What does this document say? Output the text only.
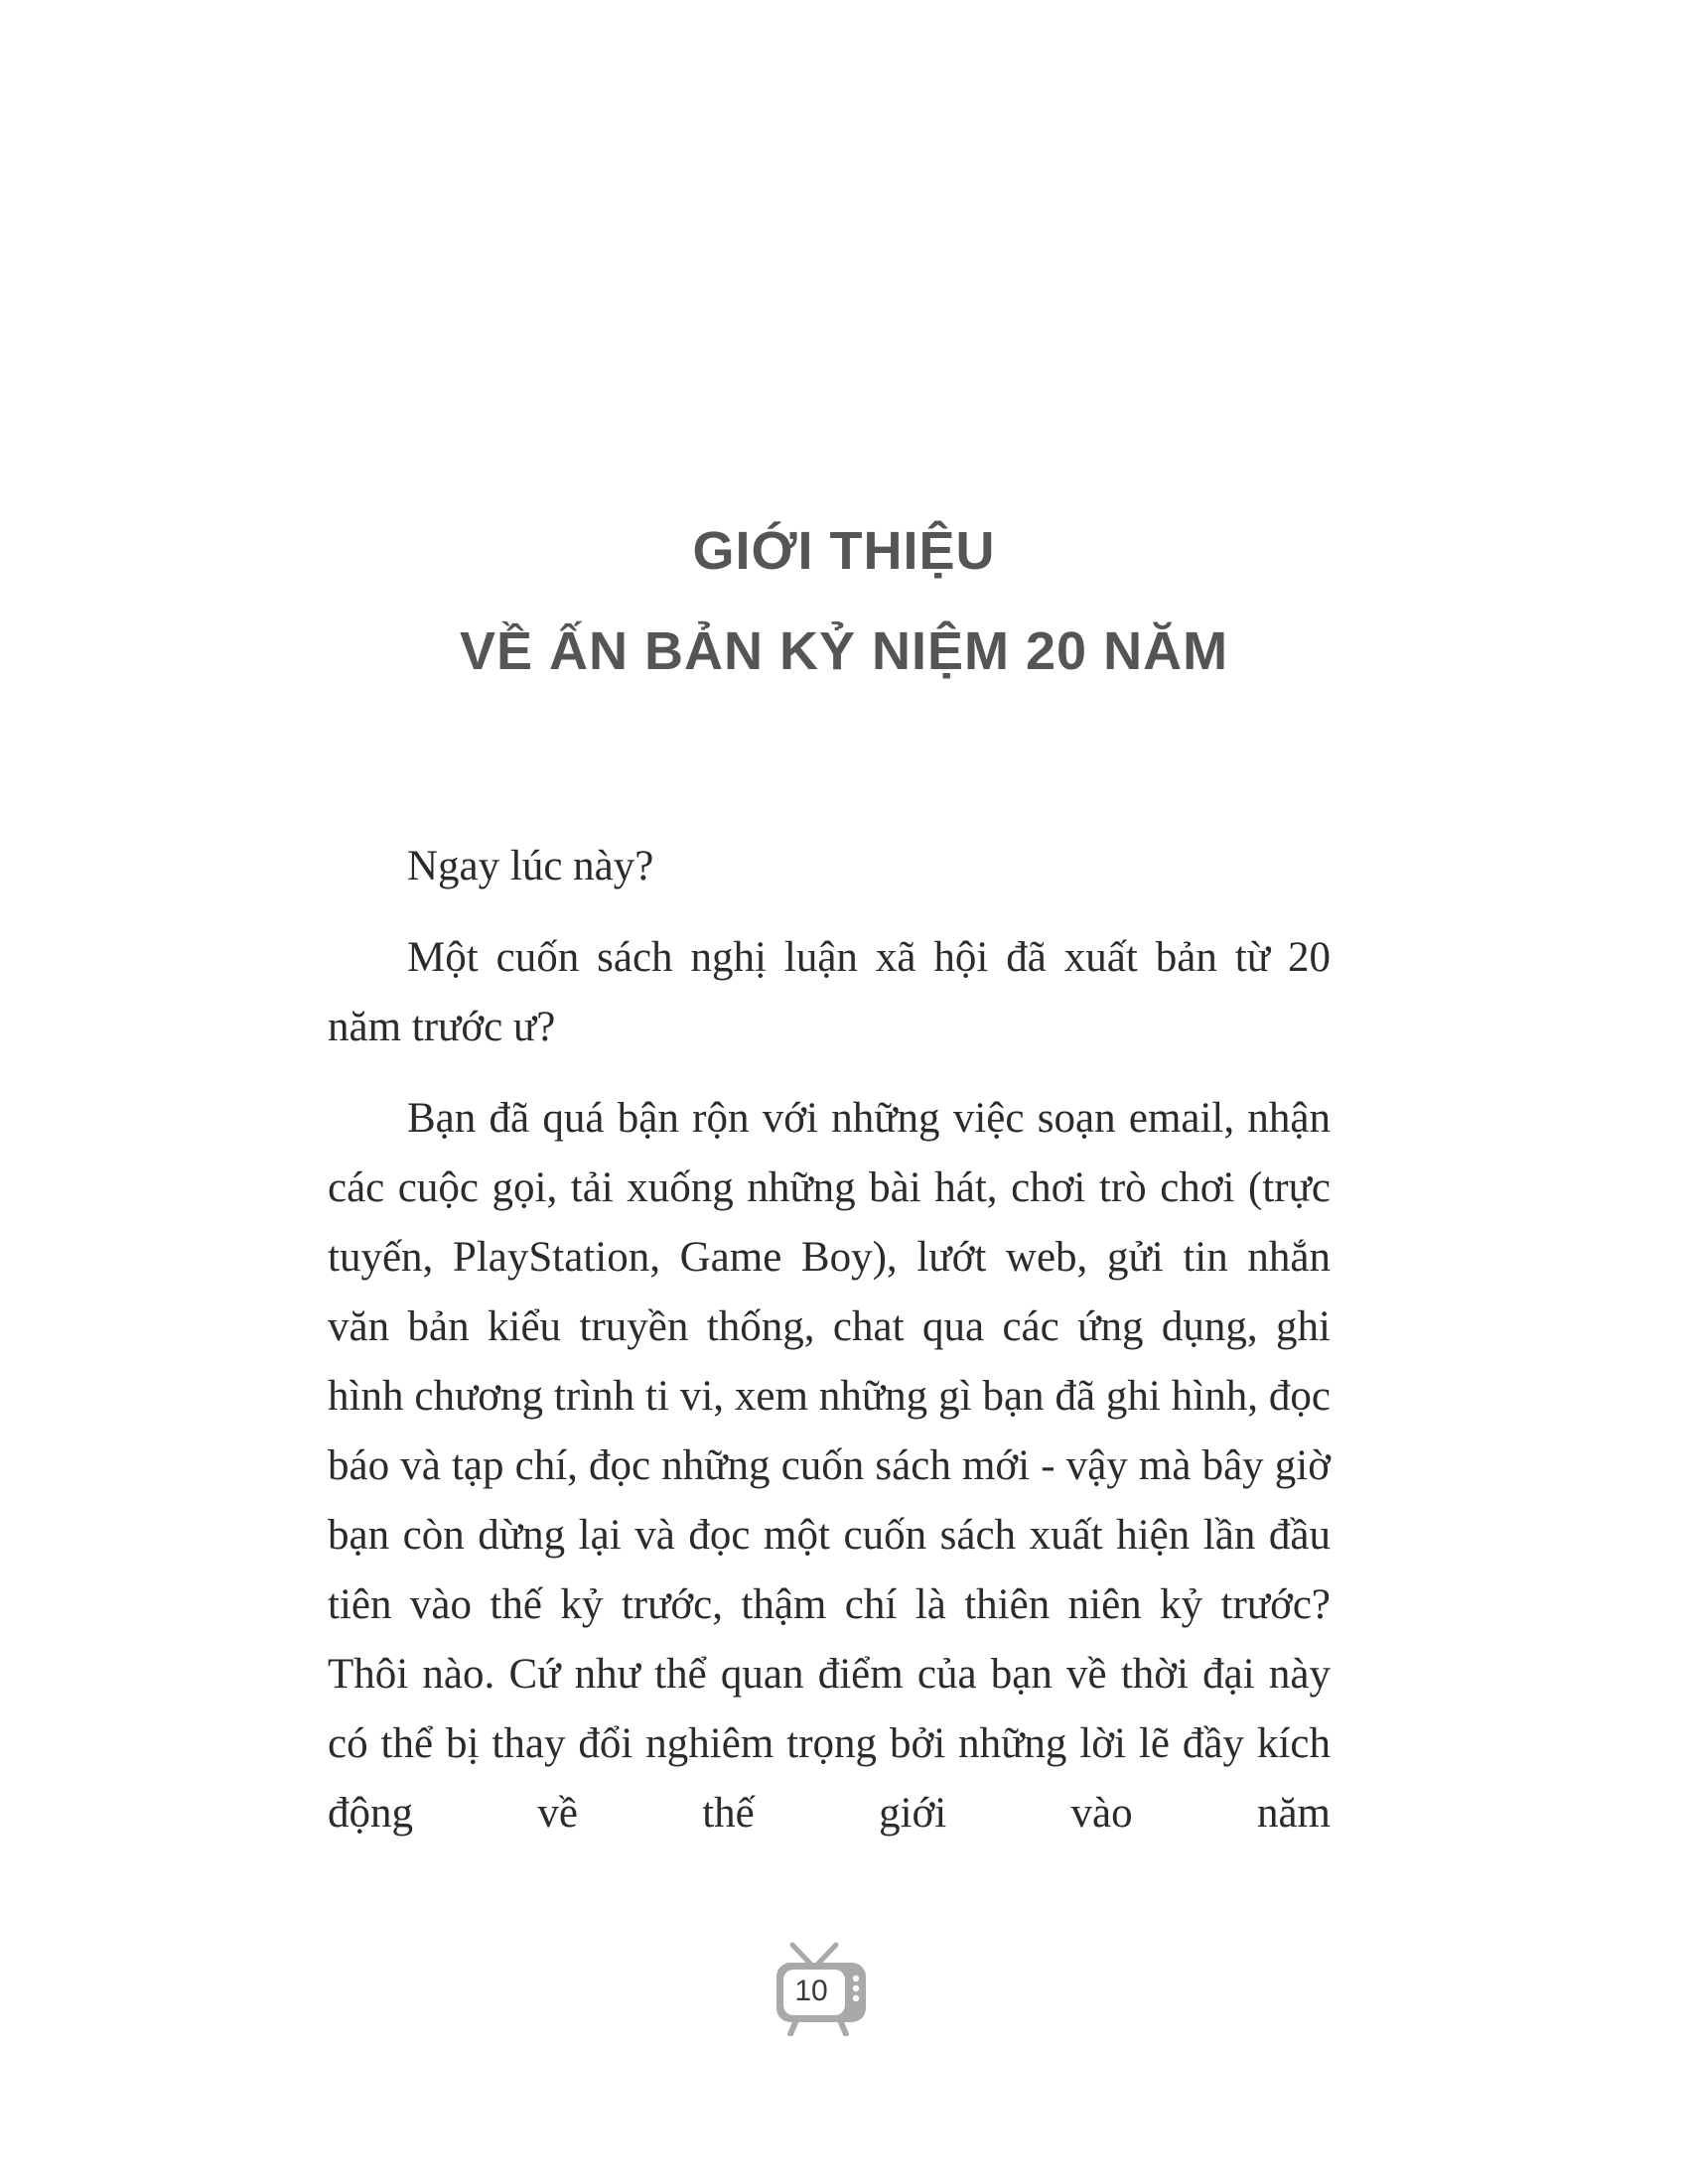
GIỚI THIỆU
VỀ ẤN BẢN KỶ NIỆM 20 NĂM

Ngay lúc này?

Một cuốn sách nghị luận xã hội đã xuất bản từ 20 năm trước ư?

Bạn đã quá bận rộn với những việc soạn email, nhận các cuộc gọi, tải xuống những bài hát, chơi trò chơi (trực tuyến, PlayStation, Game Boy), lướt web, gửi tin nhắn văn bản kiểu truyền thống, chat qua các ứng dụng, ghi hình chương trình ti vi, xem những gì bạn đã ghi hình, đọc báo và tạp chí, đọc những cuốn sách mới - vậy mà bây giờ bạn còn dừng lại và đọc một cuốn sách xuất hiện lần đầu tiên vào thế kỷ trước, thậm chí là thiên niên kỷ trước? Thôi nào. Cứ như thể quan điểm của bạn về thời đại này có thể bị thay đổi nghiêm trọng bởi những lời lẽ đầy kích động về thế giới vào năm

10
